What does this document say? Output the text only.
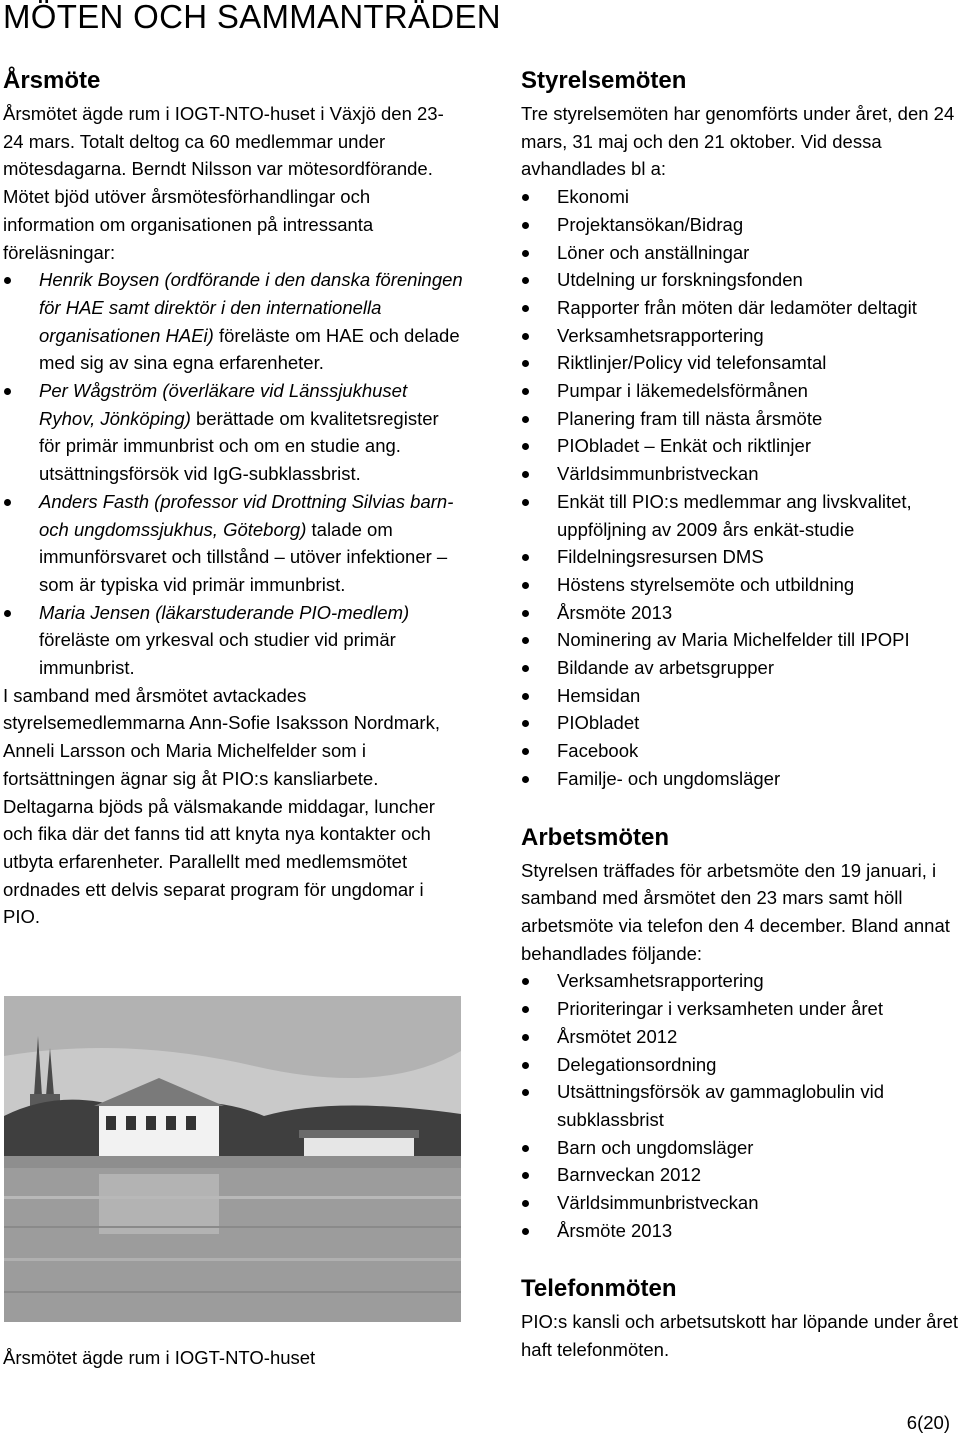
MÖTEN OCH SAMMANTRÄDEN
Årsmöte

Årsmötet ägde rum i IOGT-NTO-huset i Växjö den 23-24 mars. Totalt deltog ca 60 medlemmar under mötesdagarna. Berndt Nilsson var mötesordförande. Mötet bjöd utöver årsmötesförhandlingar och information om organisationen på intressanta föreläsningar:

Henrik Boysen (ordförande i den danska föreningen för HAE samt direktör i den internationella organisationen HAEi) föreläste om HAE och delade med sig av sina egna erfarenheter.
Per Wågström (överläkare vid Länssjukhuset Ryhov, Jönköping) berättade om kvalitetsregister för primär immunbrist och om en studie ang. utsättningsförsök vid IgG-subklassbrist.
Anders Fasth (professor vid Drottning Silvias barn- och ungdomssjukhus, Göteborg) talade om immunförsvaret och tillstånd – utöver infektioner – som är typiska vid primär immunbrist.
Maria Jensen (läkarstuderande PIO-medlem) föreläste om yrkesval och studier vid primär immunbrist.

I samband med årsmötet avtackades styrelsemedlemmarna Ann-Sofie Isaksson Nordmark, Anneli Larsson och Maria Michelfelder som i fortsättningen ägnar sig åt PIO:s kansliarbete.

Deltagarna bjöds på välsmakande middagar, luncher och fika där det fanns tid att knyta nya kontakter och utbyta erfarenheter. Parallellt med medlemsmötet ordnades ett delvis separat program för ungdomar i PIO.

Årsmötet ägde rum i IOGT-NTO-huset
Styrelsemöten

Tre styrelsemöten har genomförts under året, den 24 mars, 31 maj och den 21 oktober. Vid dessa avhandlades bl a:

Ekonomi
Projektansökan/Bidrag
Löner och anställningar
Utdelning ur forskningsfonden
Rapporter från möten där ledamöter deltagit
Verksamhetsrapportering
Riktlinjer/Policy vid telefonsamtal
Pumpar i läkemedelsförmånen
Planering fram till nästa årsmöte
PIObladet – Enkät och riktlinjer
Världsimmunbristveckan
Enkät till PIO:s medlemmar ang livskvalitet, uppföljning av 2009 års enkät-studie
Fildelningsresursen DMS
Höstens styrelsemöte och utbildning
Årsmöte 2013
Nominering av Maria Michelfelder till IPOPI
Bildande av arbetsgrupper
Hemsidan
PIObladet
Facebook
Familje- och ungdomsläger
Arbetsmöten

Styrelsen träffades för arbetsmöte den 19 januari, i samband med årsmötet den 23 mars samt höll arbetsmöte via telefon den 4 december. Bland annat behandlades följande:

Verksamhetsrapportering
Prioriteringar i verksamheten under året
Årsmötet 2012
Delegationsordning
Utsättningsförsök av gammaglobulin vid subklassbrist
Barn och ungdomsläger
Barnveckan 2012
Världsimmunbristveckan
Årsmöte 2013
Telefonmöten

PIO:s kansli och arbetsutskott har löpande under året haft telefonmöten.

6(20)
